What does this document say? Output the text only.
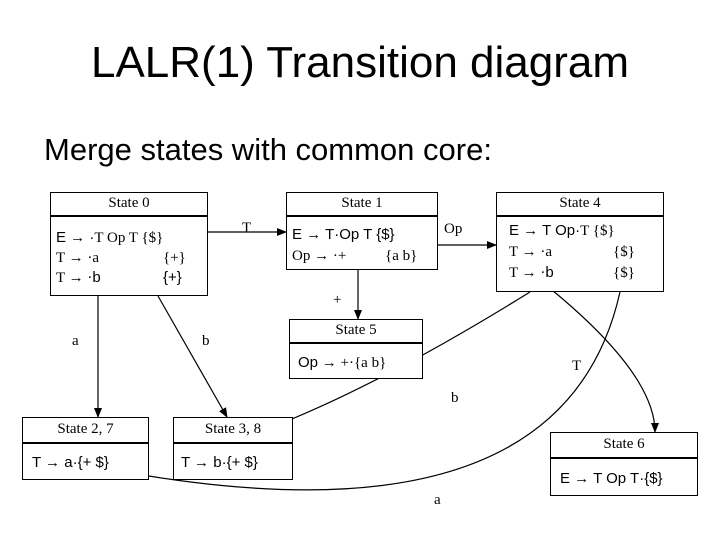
LALR(1) Transition diagram
Merge states with common core:
State 0
E → ·T Op T {$}
T → ·a	{+}
T → ·b	{+}
State 1
E → T·Op T {$}
Op → ·+	{a b}
State 4
E → T Op·T {$}
T → ·a	{$}
T → ·b	{$}
State 5
Op → +·{a b}
State 2, 7
T → a·{+ $}
State 3, 8
T → b·{+ $}
State 6
E → T Op T·{$}
T	Op
+
a	b
T
b
a
